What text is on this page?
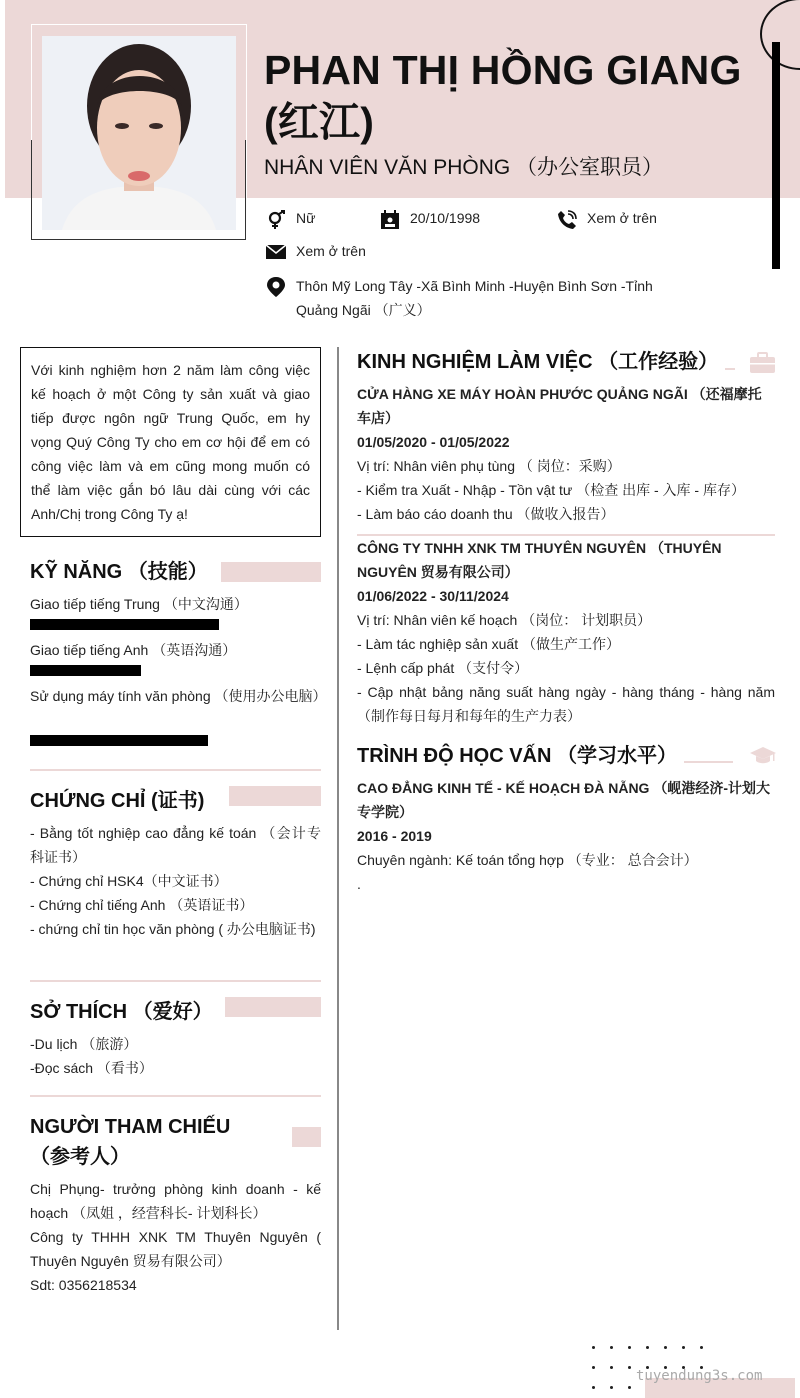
PHAN THỊ HỒNG GIANG (红江)
NHÂN VIÊN VĂN PHÒNG （办公室职员）
Nữ	20/10/1998	Xem ở trên
Xem ở trên
Thôn Mỹ Long Tây -Xã Bình Minh -Huyện Bình Sơn -Tỉnh Quảng Ngãi （广义）
Với kinh nghiệm hơn 2 năm làm công việc kế hoạch ở một Công ty sản xuất và giao tiếp được ngôn ngữ Trung Quốc, em hy vọng Quý Công Ty cho em cơ hội để em có công việc làm và em cũng mong muốn có thể làm việc gắn bó lâu dài cùng với các Anh/Chị trong Công Ty ạ!
KỸ NĂNG （技能）
Giao tiếp tiếng Trung （中文沟通）
Giao tiếp tiếng Anh （英语沟通）
Sử dụng máy tính văn phòng （使用办公电脑）
CHỨNG CHỈ (证书)
- Bằng tốt nghiệp cao đẳng kế toán （会计专科证书）
- Chứng chỉ HSK4（中文证书）
- Chứng chỉ tiếng Anh （英语证书）
- chứng chỉ tin học văn phòng ( 办公电脑证书)
SỞ THÍCH （爱好）
-Du lịch （旅游）
-Đọc sách （看书）
NGƯỜI THAM CHIẾU （参考人）
Chị Phụng- trưởng phòng kinh doanh - kế hoạch （凤姐 ，经营科长- 计划科长）
Công ty THHH XNK TM Thuyên Nguyên ( Thuyên Nguyên 贸易有限公司）
Sdt: 0356218534
KINH NGHIỆM LÀM VIỆC （工作经验）
CỬA HÀNG XE MÁY HOÀN PHƯỚC QUẢNG NGÃI （还福摩托车店）
01/05/2020 - 01/05/2022
Vị trí: Nhân viên phụ tùng （ 岗位：采购）
- Kiểm tra Xuất - Nhập - Tồn vật tư （检查 出库 - 入库 - 库存）
- Làm báo cáo doanh thu （做收入报告）
CÔNG TY TNHH XNK TM THUYÊN NGUYÊN （THUYÊN NGUYÊN 贸易有限公司）
01/06/2022 - 30/11/2024
Vị trí: Nhân viên kế hoạch （岗位： 计划职员）
- Làm tác nghiệp sản xuất （做生产工作）
- Lệnh cấp phát （支付令）
- Cập nhật bảng năng suất hàng ngày - hàng tháng - hàng năm （制作每日每月和每年的生产力表）
TRÌNH ĐỘ HỌC VẤN （学习水平）
CAO ĐẲNG KINH TẾ - KẾ HOẠCH ĐÀ NẴNG （岘港经济-计划大专学院）
2016 - 2019
Chuyên ngành: Kế toán tổng hợp （专业： 总合会计）
.
tuyendung3s.com
